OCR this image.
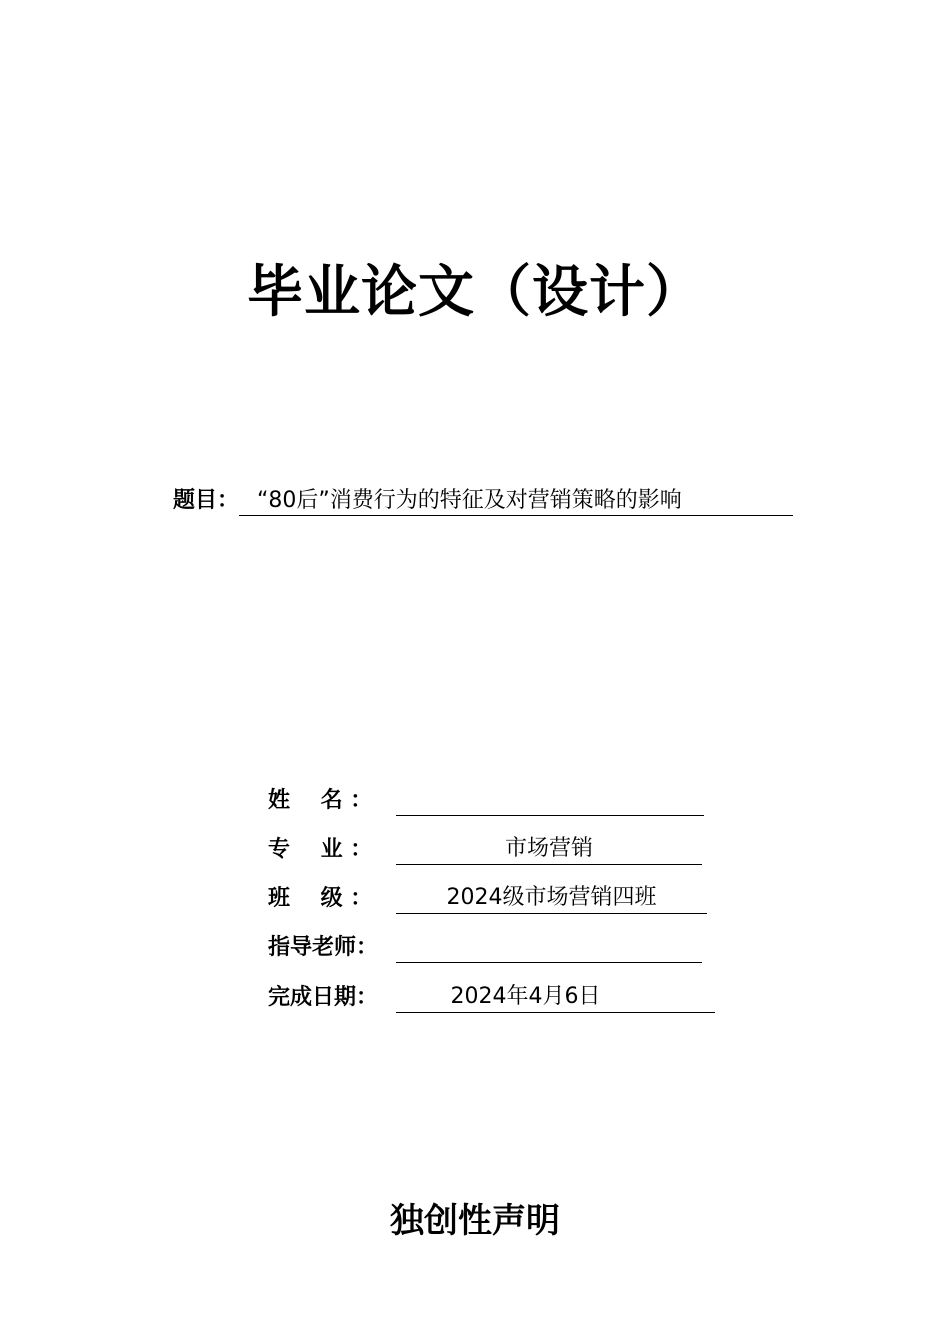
毕业论文（设计）
题目： “80后”消费行为的特征及对营销策略的影响
姓    名 ：
专    业 ：	市场营销
班    级 ：	2024级市场营销四班
指导老师：
完成日期：	2024年4月6日
独创性声明
